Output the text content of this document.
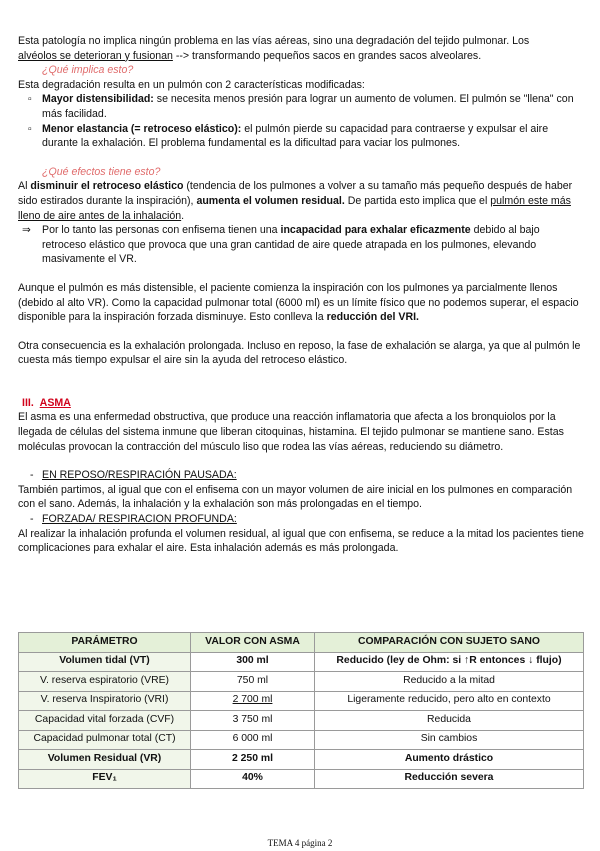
Esta patología no implica ningún problema en las vías aéreas, sino una degradación del tejido pulmonar. Los
alvéolos se deterioran y fusionan --> transformando pequeños sacos en grandes sacos alveolares.

¿Qué implica esto?

Esta degradación resulta en un pulmón con 2 características modificadas:

▫ Mayor distensibilidad: se necesita menos presión para lograr un aumento de volumen. El pulmón se "llena" con más facilidad.

▫ Menor elastancia (= retroceso elástico): el pulmón pierde su capacidad para contraerse y expulsar el aire durante la exhalación. El problema fundamental es la dificultad para vaciar los pulmones.

¿Qué efectos tiene esto?

Al disminuir el retroceso elástico (tendencia de los pulmones a volver a su tamaño más pequeño después de haber sido estirados durante la inspiración), aumenta el volumen residual. De partida esto implica que el pulmón este más lleno de aire antes de la inhalación.

⇒ Por lo tanto las personas con enfisema tienen una incapacidad para exhalar eficazmente debido al bajo retroceso elástico que provoca que una gran cantidad de aire quede atrapada en los pulmones, elevando masivamente el VR.

Aunque el pulmón es más distensible, el paciente comienza la inspiración con los pulmones ya parcialmente llenos (debido al alto VR). Como la capacidad pulmonar total (6000 ml) es un límite físico que no podemos superar, el espacio disponible para la inspiración forzada disminuye. Esto conlleva la reducción del VRI.

Otra consecuencia es la exhalación prolongada. Incluso en reposo, la fase de exhalación se alarga, ya que al pulmón le cuesta más tiempo expulsar el aire sin la ayuda del retroceso elástico.

III. ASMA

El asma es una enfermedad obstructiva, que produce una reacción inflamatoria que afecta a los bronquiolos por la llegada de células del sistema inmune que liberan citoquinas, histamina. El tejido pulmonar se mantiene sano. Estas moléculas provocan la contracción del músculo liso que rodea las vías aéreas, reduciendo su diámetro.

- EN REPOSO/RESPIRACIÓN PAUSADA:

También partimos, al igual que con el enfisema con un mayor volumen de aire inicial en los pulmones en comparación con el sano. Además, la inhalación y la exhalación son más prolongadas en el tiempo.

- FORZADA/ RESPIRACION PROFUNDA:

Al realizar la inhalación profunda el volumen residual, al igual que con enfisema, se reduce a la mitad los pacientes tiene complicaciones para exhalar el aire. Esta inhalación además es más prolongada.

PARÁMETRO	VALOR CON ASMA	COMPARACIÓN CON SUJETO SANO
Volumen tidal (VT)	300 ml	Reducido (ley de Ohm: si ↑R entonces ↓ flujo)
V. reserva espiratorio (VRE)	750 ml	Reducido a la mitad
V. reserva Inspiratorio (VRI)	2 700 ml	Ligeramente reducido, pero alto en contexto
Capacidad vital forzada (CVF)	3 750 ml	Reducida
Capacidad pulmonar total (CT)	6 000 ml	Sin cambios
Volumen Residual (VR)	2 250 ml	Aumento drástico
FEV₁	40%	Reducción severa
TEMA 4 página 2
